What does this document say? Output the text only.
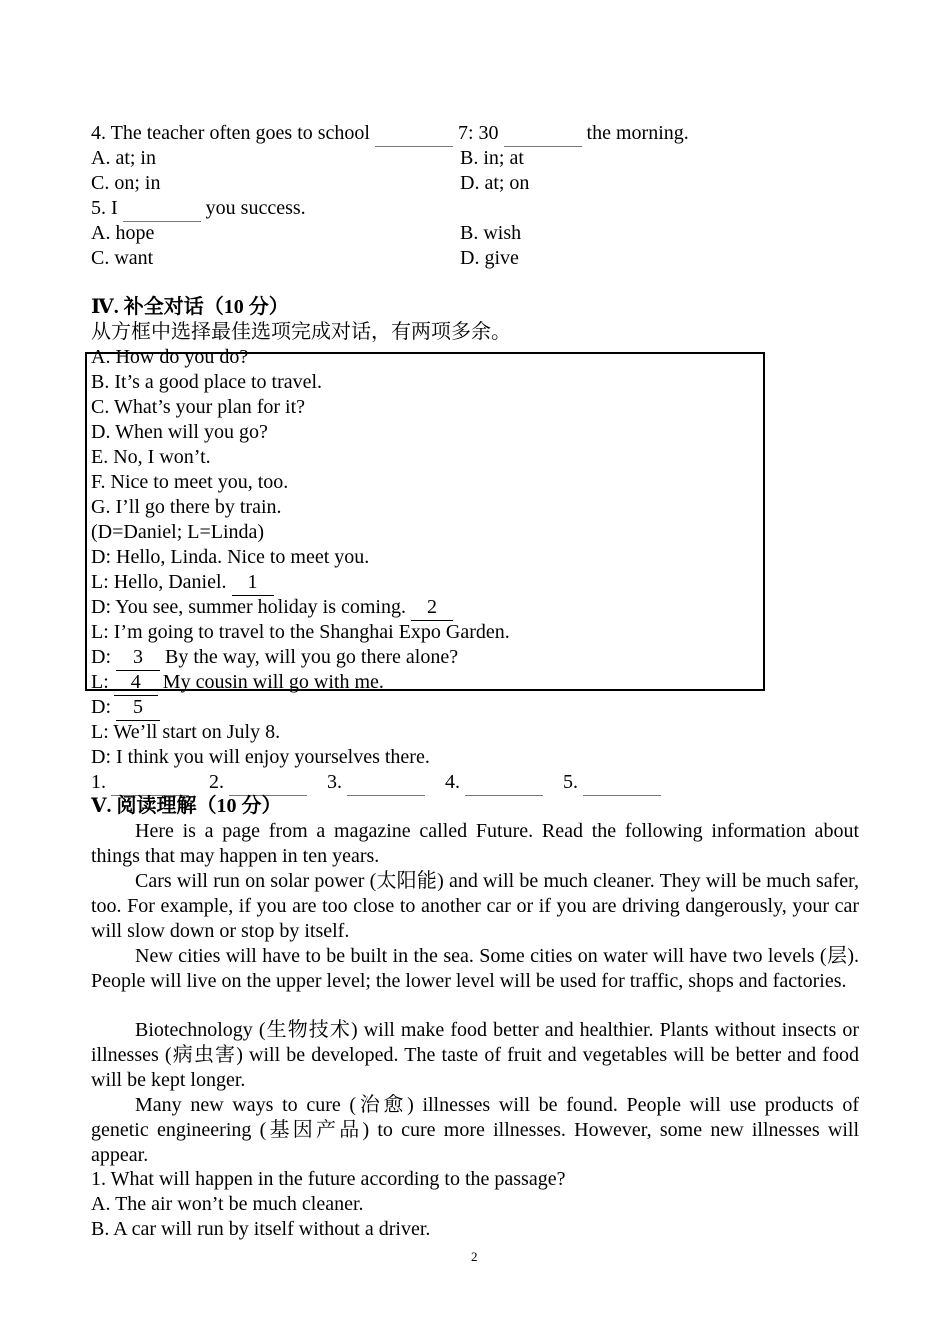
4. The teacher often goes to school	7: 30	the morning.
A. at; in	B. in; at
C. on; in	D. at; on
5. I	you success.
A. hope	B. wish
C. want	D. give
Ⅳ. 补全对话（10 分）
从方框中选择最佳选项完成对话，有两项多余。
A. How do you do?
B. It’s a good place to travel.
C. What’s your plan for it?
D. When will you go?
E. No, I won’t.
F. Nice to meet you, too.
G. I’ll go there by train.
(D=Daniel; L=Linda)
D: Hello, Linda. Nice to meet you.
L: Hello, Daniel. 1
D: You see, summer holiday is coming. 2
L: I’m going to travel to the Shanghai Expo Garden.
D: 3 By the way, will you go there alone?
L: 4 My cousin will go with me.
D: 5
L: We’ll start on July 8.
D: I think you will enjoy yourselves there.
1.	2.	3.	4.	5.
Ⅴ. 阅读理解（10 分）
Here is a page from a magazine called Future. Read the following information about things that may happen in ten years.
Cars will run on solar power (太阳能) and will be much cleaner. They will be much safer, too. For example, if you are too close to another car or if you are driving dangerously, your car will slow down or stop by itself.
New cities will have to be built in the sea. Some cities on water will have two levels (层). People will live on the upper level; the lower level will be used for traffic, shops and factories.
Biotechnology (生物技术) will make food better and healthier. Plants without insects or illnesses (病虫害) will be developed. The taste of fruit and vegetables will be better and food will be kept longer.
Many new ways to cure (治愈) illnesses will be found. People will use products of genetic engineering (基因产品) to cure more illnesses. However, some new illnesses will appear.
1. What will happen in the future according to the passage?
A. The air won’t be much cleaner.
B. A car will run by itself without a driver.
2
